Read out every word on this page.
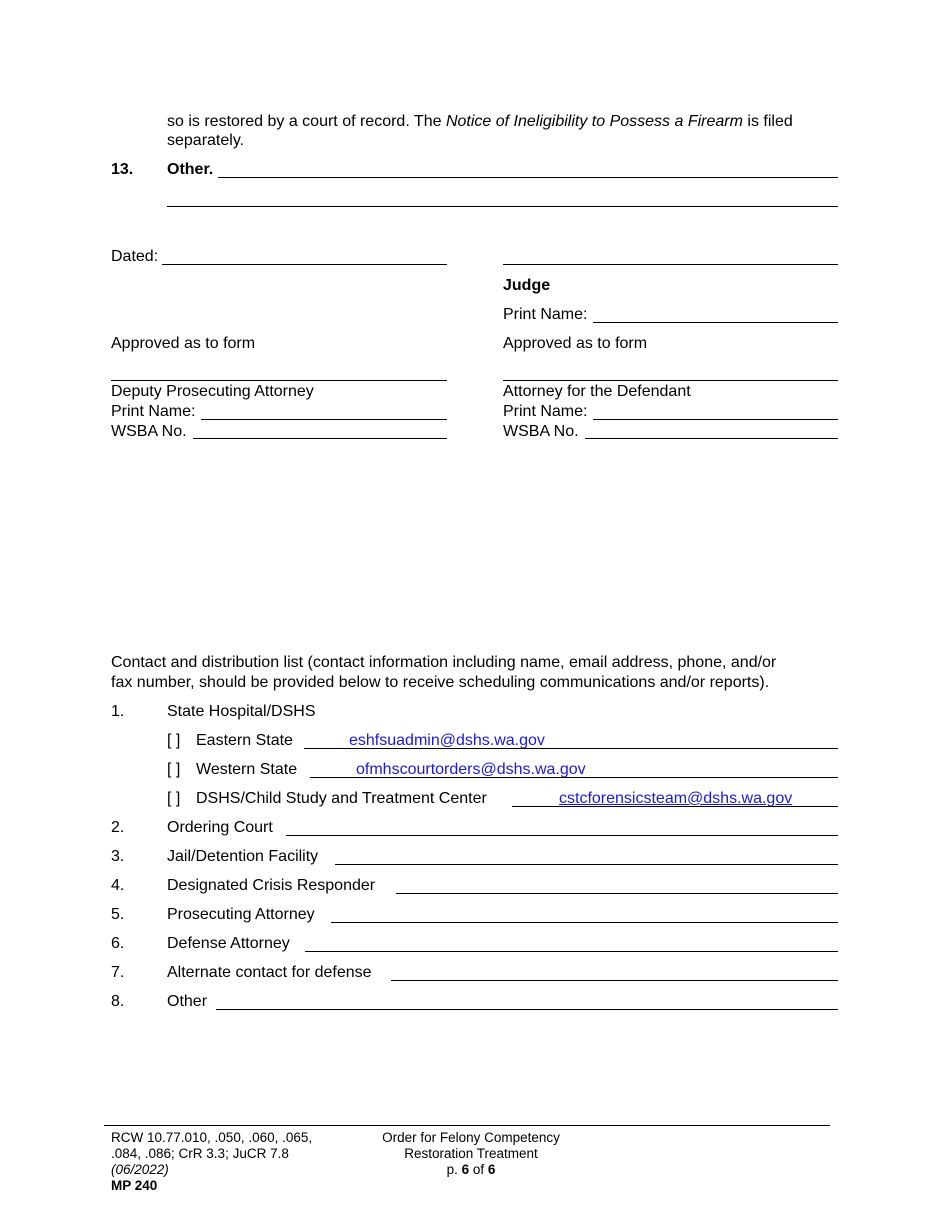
so is restored by a court of record. The Notice of Ineligibility to Possess a Firearm is filed
separately.
13. Other.
Dated:
Judge
Print Name:
Approved as to form	Approved as to form
Deputy Prosecuting Attorney
Print Name:
WSBA No.
Attorney for the Defendant
Print Name:
WSBA No.
Contact and distribution list (contact information including name, email address, phone, and/or
fax number, should be provided below to receive scheduling communications and/or reports).
1.	State Hospital/DSHS
[ ] Eastern State	eshfsuadmin@dshs.wa.gov
[ ] Western State	ofmhscourtorders@dshs.wa.gov
[ ] DSHS/Child Study and Treatment Center	cstcforensicsteam@dshs.wa.gov
2.	Ordering Court
3.	Jail/Detention Facility
4.	Designated Crisis Responder
5.	Prosecuting Attorney
6.	Defense Attorney
7.	Alternate contact for defense
8.	Other
RCW 10.77.010, .050, .060, .065,
.084, .086; CrR 3.3; JuCR 7.8
(06/2022)
MP 240
Order for Felony Competency
Restoration Treatment
p. 6 of 6
